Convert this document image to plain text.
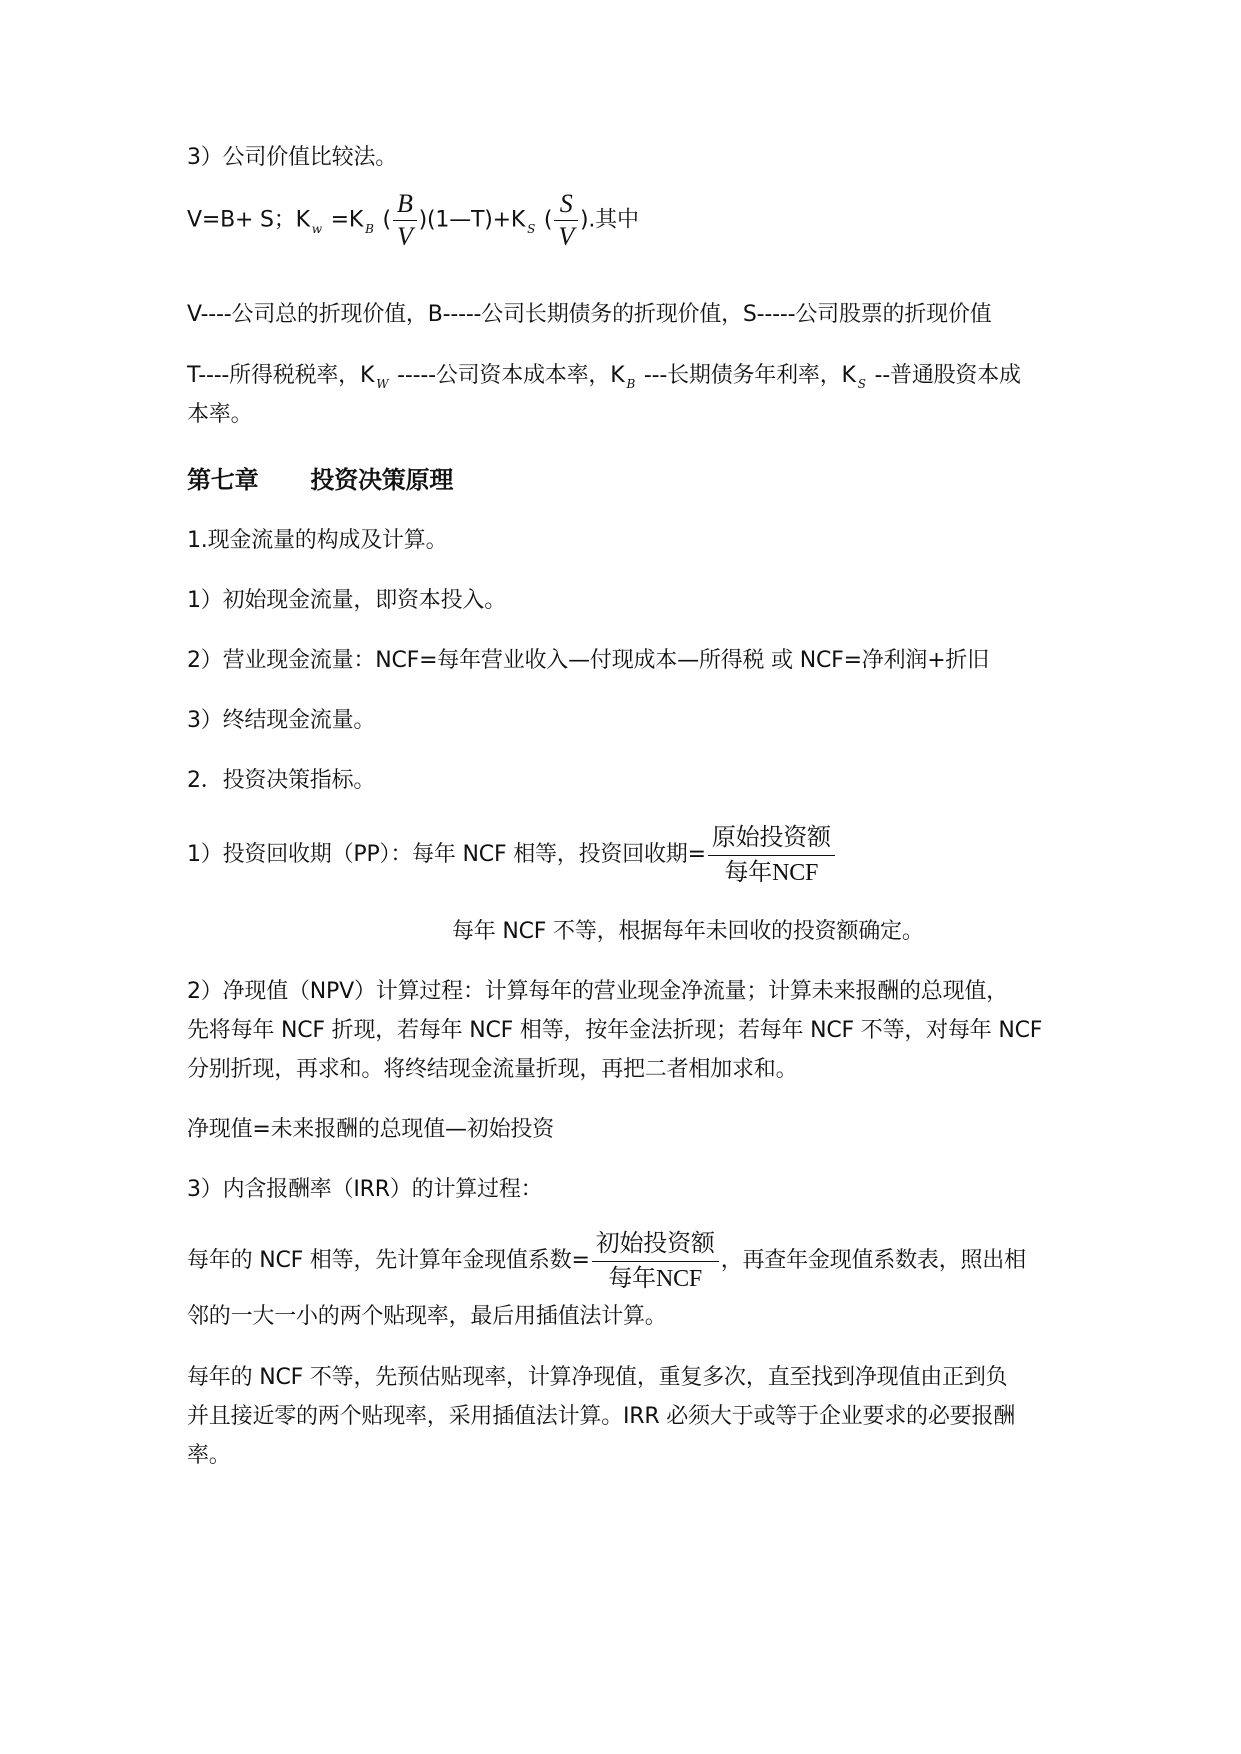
3）公司价值比较法。
V=B+ S；K $_w$ =K $_B$ ( $\frac{B}{V}$ )(1—T)+K $_S$ ( $\frac{S}{V}$ ).其中
V----公司总的折现价值，B-----公司长期债务的折现价值，S-----公司股票的折现价值
T----所得税税率，K $_W$ -----公司资本成本率，K $_B$ ---长期债务年利率，K $_S$ --普通股资本成
本率。
第七章 投资决策原理
1.现金流量的构成及计算。
1）初始现金流量，即资本投入。
2）营业现金流量：NCF=每年营业收入—付现成本—所得税 或 NCF=净利润+折旧
3）终结现金流量。
2．投资决策指标。
1）投资回收期（PP）：每年 NCF 相等，投资回收期= $\frac{\text{原始投资额}}{\text{每年NCF}}$
每年 NCF 不等，根据每年未回收的投资额确定。
2）净现值（NPV）计算过程：计算每年的营业现金净流量；计算未来报酬的总现值，
先将每年 NCF 折现，若每年 NCF 相等，按年金法折现；若每年 NCF 不等，对每年 NCF
分别折现，再求和。将终结现金流量折现，再把二者相加求和。
净现值=未来报酬的总现值—初始投资
3）内含报酬率（IRR）的计算过程：
每年的 NCF 相等，先计算年金现值系数= $\frac{\text{初始投资额}}{\text{每年NCF}}$ ，再查年金现值系数表，照出相
邻的一大一小的两个贴现率，最后用插值法计算。
每年的 NCF 不等，先预估贴现率，计算净现值，重复多次，直至找到净现值由正到负
并且接近零的两个贴现率，采用插值法计算。IRR 必须大于或等于企业要求的必要报酬
率。
